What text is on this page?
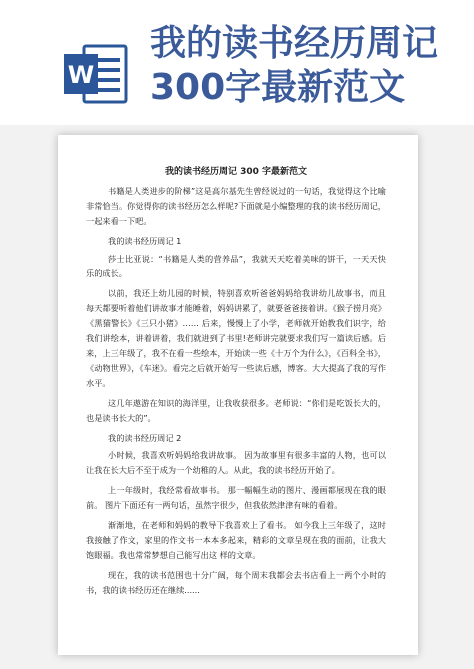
W
我的读书经历周记
300字最新范文
我的读书经历周记 300 字最新范文

书籍是人类进步的阶梯”这是高尔基先生曾经说过的一句话，我觉得这个比喻非常恰当。你觉得你的读书经历怎么样呢?下面就是小编整理的我的读书经历周记，一起来看一下吧。

我的读书经历周记 1

莎士比亚说：“书籍是人类的营养品”，我就天天吃着美味的饼干，一天天快乐的成长。

以前，我还上幼儿园的时候，特别喜欢听爸爸妈妈给我讲幼儿故事书，而且每天都要听着他们讲故事才能睡着，妈妈讲累了，就要爸爸接着讲。《猴子捞月亮》《黑猫警长》《三只小猪》…… 后来，慢慢上了小学，老师就开始教我们识字，给我们讲绘本，讲着讲着，我们就进到了书里!老师讲完就要求我们写一篇读后感。后来，上三年级了，我不在看一些绘本，开始读一些《十万个为什么》，《百科全书》，《动物世界》，《车迷》。看完之后就开始写一些读后感，博客。大大提高了我的写作水平。

这几年遨游在知识的海洋里，让我收获很多。老师说：“你们是吃饭长大的，也是读书长大的”。

我的读书经历周记 2

小时候，我喜欢听妈妈给我讲故事。 因为故事里有很多丰富的人物，也可以让我在长大后不至于成为一个幼稚的人。从此，我的读书经历开始了。

上一年级时，我经常看故事书。 那一幅幅生动的图片、漫画都展现在我的眼前。 图片下面还有一两句话，虽然字很少，但我依然津津有味的看着。

渐渐地，在老师和妈妈的教导下我喜欢上了看书。 如今我上三年级了，这时我接触了作文，家里的作文书一本本多起来，精彩的文章呈现在我的面前，让我大饱眼福。我也常常梦想自己能写出这 样的文章。

现在，我的读书范围也十分广阔，每个周末我都会去书店看上一两个小时的书，我的读书经历还在继续......
